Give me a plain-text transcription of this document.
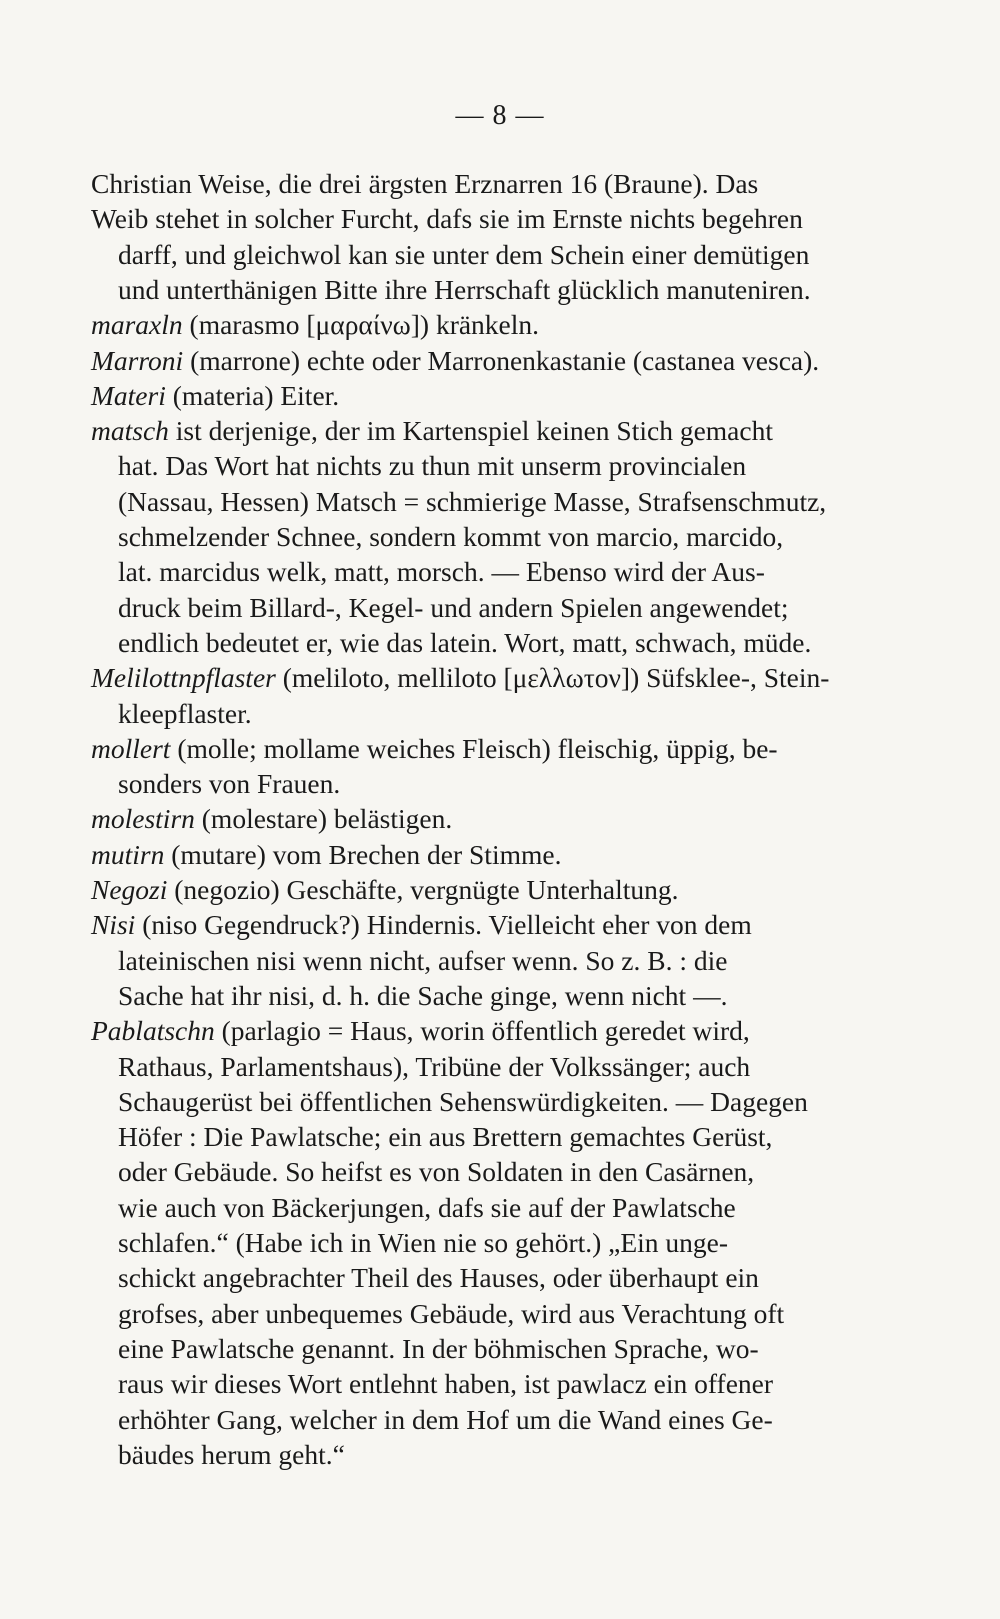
— 8 —
Christian Weise, die drei ärgsten Erznarren 16 (Braune). Das
Weib stehet in solcher Furcht, dafs sie im Ernste nichts begehren
darff, und gleichwol kan sie unter dem Schein einer demütigen
und unterthänigen Bitte ihre Herrschaft glücklich manuteniren.
maraxln (marasmo [μαραίνω]) kränkeln.
Marroni (marrone) echte oder Marronenkastanie (castanea vesca).
Materi (materia) Eiter.
matsch ist derjenige, der im Kartenspiel keinen Stich gemacht
hat. Das Wort hat nichts zu thun mit unserm provincialen
(Nassau, Hessen) Matsch = schmierige Masse, Strafsenschmutz,
schmelzender Schnee, sondern kommt von marcio, marcido,
lat. marcidus welk, matt, morsch. — Ebenso wird der Aus-
druck beim Billard-, Kegel- und andern Spielen angewendet;
endlich bedeutet er, wie das latein. Wort, matt, schwach, müde.
Melilottnpflaster (meliloto, melliloto [μελλωτον]) Süfsklee-, Stein-
kleepflaster.
mollert (molle; mollame weiches Fleisch) fleischig, üppig, be-
sonders von Frauen.
molestirn (molestare) belästigen.
mutirn (mutare) vom Brechen der Stimme.
Negozi (negozio) Geschäfte, vergnügte Unterhaltung.
Nisi (niso Gegendruck?) Hindernis. Vielleicht eher von dem
lateinischen nisi wenn nicht, aufser wenn. So z. B. : die
Sache hat ihr nisi, d. h. die Sache ginge, wenn nicht —.
Pablatschn (parlagio = Haus, worin öffentlich geredet wird,
Rathaus, Parlamentshaus), Tribüne der Volkssänger; auch
Schaugerüst bei öffentlichen Sehenswürdigkeiten. — Dagegen
Höfer : Die Pawlatsche; ein aus Brettern gemachtes Gerüst,
oder Gebäude. So heifst es von Soldaten in den Casärnen,
wie auch von Bäckerjungen, dafs sie auf der Pawlatsche
schlafen.“ (Habe ich in Wien nie so gehört.) „Ein unge-
schickt angebrachter Theil des Hauses, oder überhaupt ein
grofses, aber unbequemes Gebäude, wird aus Verachtung oft
eine Pawlatsche genannt. In der böhmischen Sprache, wo-
raus wir dieses Wort entlehnt haben, ist pawlacz ein offener
erhöhter Gang, welcher in dem Hof um die Wand eines Ge-
bäudes herum geht.“
